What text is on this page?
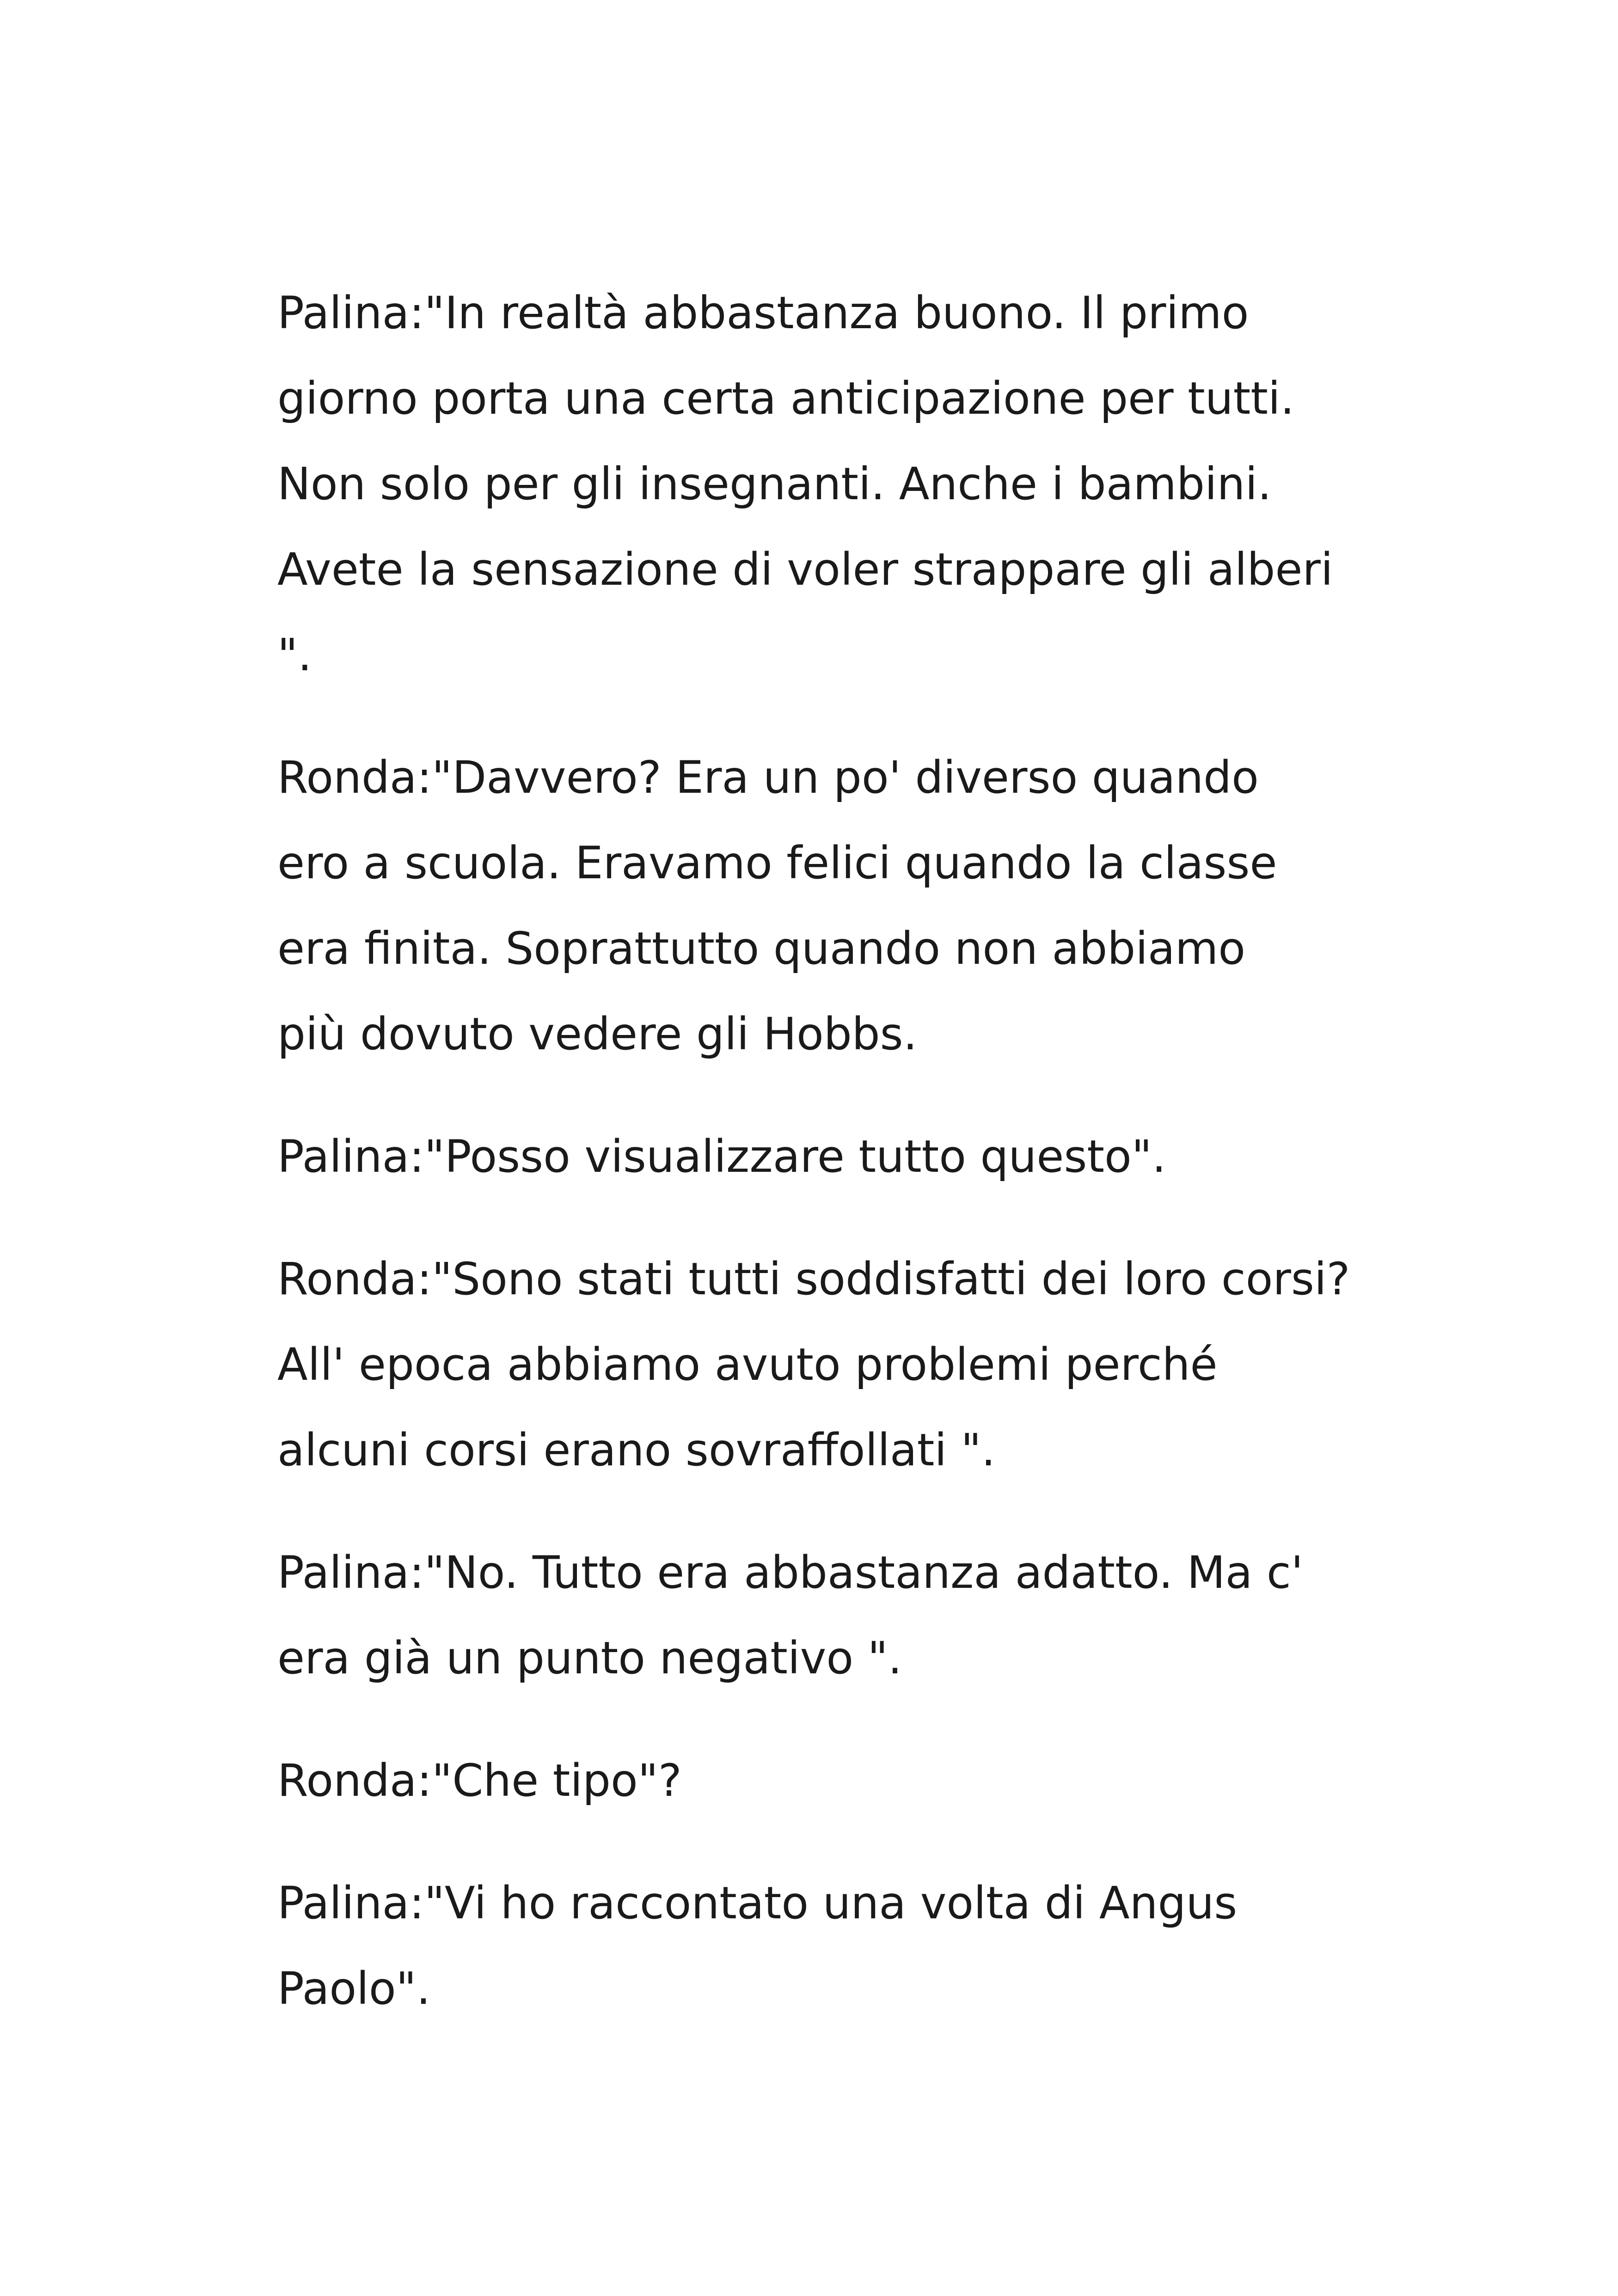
Palina:"In realtà abbastanza buono. Il primo
giorno porta una certa anticipazione per tutti.
Non solo per gli insegnanti. Anche i bambini.
Avete la sensazione di voler strappare gli alberi
".

Ronda:"Davvero? Era un po' diverso quando
ero a scuola. Eravamo felici quando la classe
era finita. Soprattutto quando non abbiamo
più dovuto vedere gli Hobbs.

Palina:"Posso visualizzare tutto questo".

Ronda:"Sono stati tutti soddisfatti dei loro corsi?
All' epoca abbiamo avuto problemi perché
alcuni corsi erano sovraffollati ".

Palina:"No. Tutto era abbastanza adatto. Ma c'
era già un punto negativo ".

Ronda:"Che tipo"?

Palina:"Vi ho raccontato una volta di Angus
Paolo".
